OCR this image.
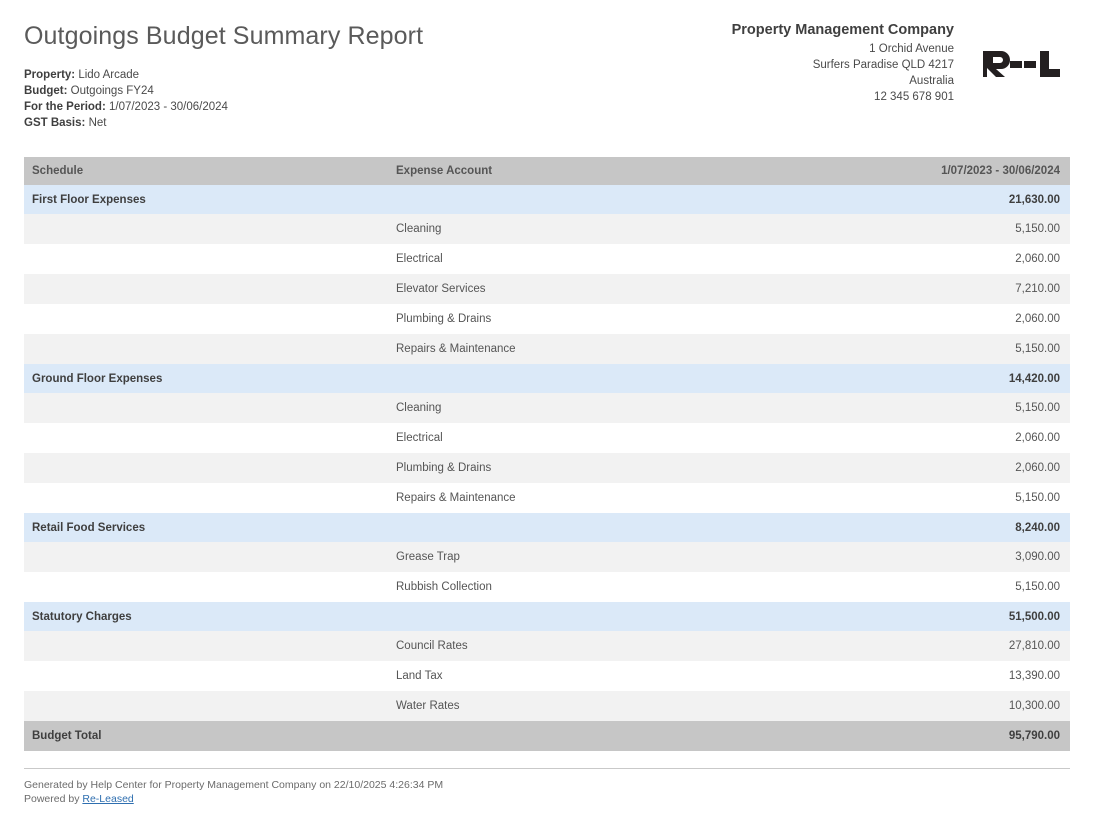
Outgoings Budget Summary Report
Property: Lido Arcade
Budget: Outgoings FY24
For the Period: 1/07/2023 - 30/06/2024
GST Basis: Net
Property Management Company
1 Orchid Avenue
Surfers Paradise QLD 4217
Australia
12 345 678 901
Schedule	Expense Account	1/07/2023 - 30/06/2024
First Floor Expenses		21,630.00
	Cleaning	5,150.00
	Electrical	2,060.00
	Elevator Services	7,210.00
	Plumbing & Drains	2,060.00
	Repairs & Maintenance	5,150.00
Ground Floor Expenses		14,420.00
	Cleaning	5,150.00
	Electrical	2,060.00
	Plumbing & Drains	2,060.00
	Repairs & Maintenance	5,150.00
Retail Food Services		8,240.00
	Grease Trap	3,090.00
	Rubbish Collection	5,150.00
Statutory Charges		51,500.00
	Council Rates	27,810.00
	Land Tax	13,390.00
	Water Rates	10,300.00
Budget Total		95,790.00
Generated by Help Center for Property Management Company on 22/10/2025 4:26:34 PM
Powered by Re-Leased
